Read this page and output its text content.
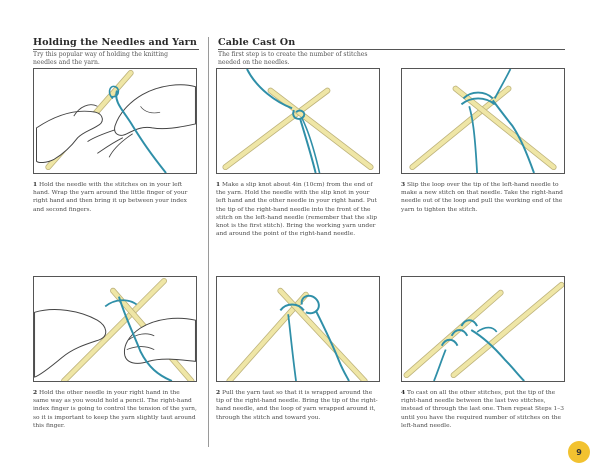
Holding the Needles and Yarn
Try this popular way of holding the knitting needles and the yarn.
Cable Cast On
The first step is to create the number of stitches needed on the needles.
1 Hold the needle with the stitches on in your left hand. Wrap the yarn around the little finger of your right hand and then bring it up between your index and second fingers.
1 Make a slip knot about 4in (10cm) from the end of the yarn. Hold the needle with the slip knot in your left hand and the other needle in your right hand. Put the tip of the right-hand needle into the front of the stitch on the left-hand needle (remember that the slip knot is the first stitch). Bring the working yarn under and around the point of the right-hand needle.
3 Slip the loop over the tip of the left-hand needle to make a new stitch on that needle. Take the right-hand needle out of the loop and pull the working end of the yarn to tighten the stitch.
2 Hold the other needle in your right hand in the same way as you would hold a pencil. The right-hand index finger is going to control the tension of the yarn, so it is important to keep the yarn slightly taut around this finger.
2 Pull the yarn taut so that it is wrapped around the tip of the right-hand needle. Bring the tip of the right-hand needle, and the loop of yarn wrapped around it, through the stitch and toward you.
4 To cast on all the other stitches, put the tip of the right-hand needle between the last two stitches, instead of through the last one. Then repeat Steps 1–3 until you have the required number of stitches on the left-hand needle.
9
